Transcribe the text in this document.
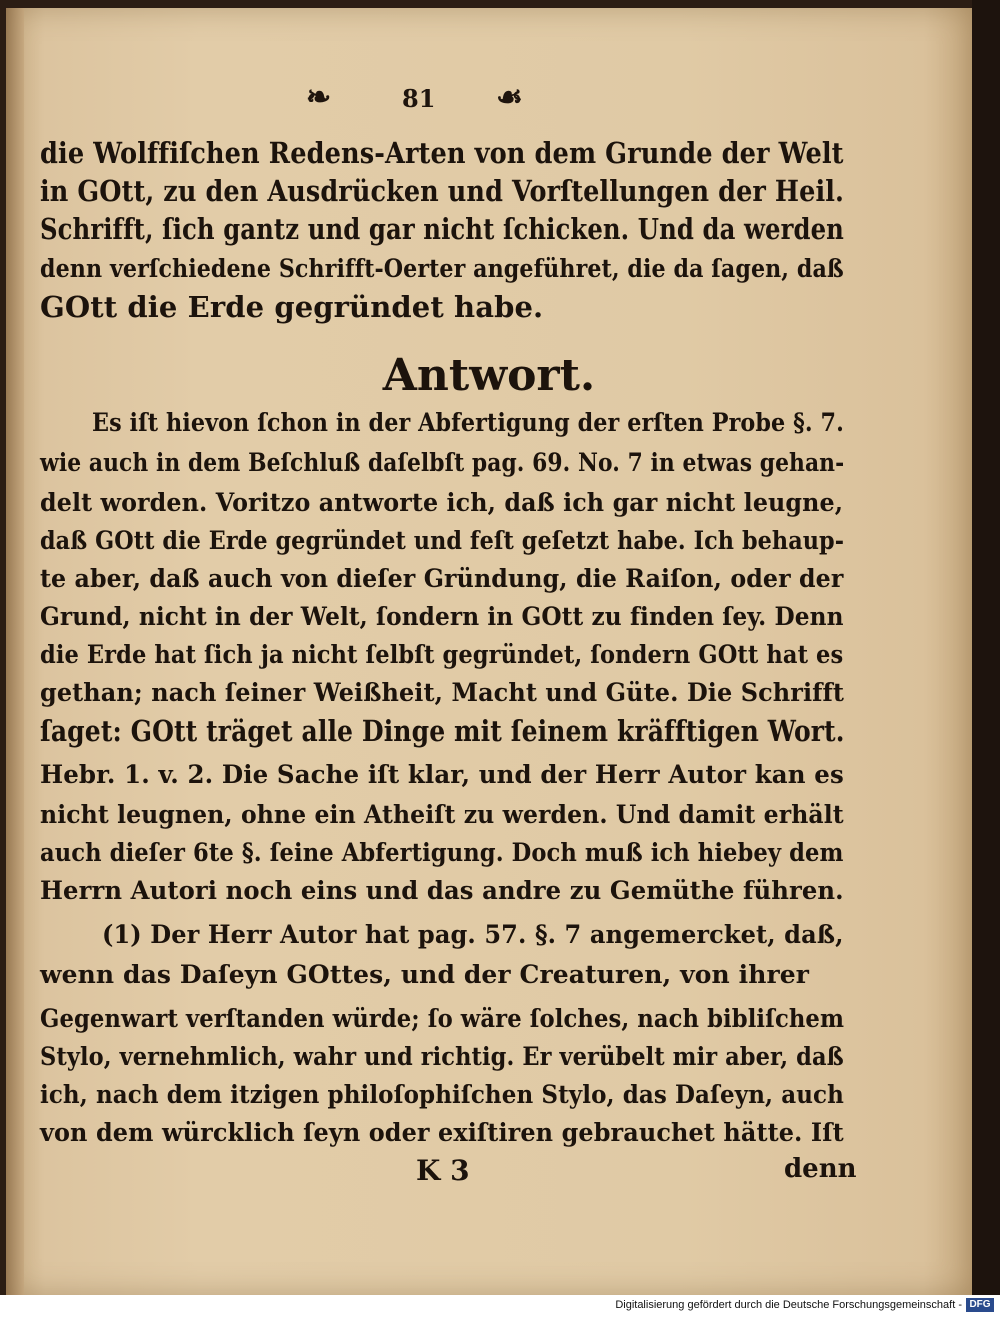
❧	81 ☙
die Wolffiſchen Redens-Arten von dem Grunde der Welt
in GOtt, zu den Ausdrücken und Vorſtellungen der Heil.
Schrifft, ſich gantz und gar nicht ſchicken. Und da werden
denn verſchiedene Schrifft-Oerter angeführet, die da ſagen, daß
GOtt die Erde gegründet habe.
Antwort.
Es iſt hievon ſchon in der Abfertigung der erſten Probe §. 7.
wie auch in dem Beſchluß daſelbſt pag. 69. No. 7 in etwas gehan-
delt worden. Voritzo antworte ich, daß ich gar nicht leugne,
daß GOtt die Erde gegründet und feſt geſetzt habe. Ich behaup-
te aber, daß auch von dieſer Gründung, die Raiſon, oder der
Grund, nicht in der Welt, ſondern in GOtt zu finden ſey. Denn
die Erde hat ſich ja nicht ſelbſt gegründet, ſondern GOtt hat es
gethan; nach ſeiner Weißheit, Macht und Güte. Die Schrifft
ſaget: GOtt träget alle Dinge mit ſeinem kräfftigen Wort.
Hebr. 1. v. 2. Die Sache iſt klar, und der Herr Autor kan es
nicht leugnen, ohne ein Atheiſt zu werden. Und damit erhält
auch dieſer 6te §. ſeine Abfertigung. Doch muß ich hiebey dem
Herrn Autori noch eins und das andre zu Gemüthe führen.
(1) Der Herr Autor hat pag. 57. §. 7 angemercket, daß,
wenn das Daſeyn GOttes, und der Creaturen, von ihrer
Gegenwart verſtanden würde; ſo wäre ſolches, nach bibliſchem
Stylo, vernehmlich, wahr und richtig. Er verübelt mir aber, daß
ich, nach dem itzigen philoſophiſchen Stylo, das Daſeyn, auch
von dem würcklich ſeyn oder exiſtiren gebrauchet hätte. Iſt
K 3	denn
Digitalisierung gefördert durch die Deutsche Forschungsgemeinschaft - DFG
